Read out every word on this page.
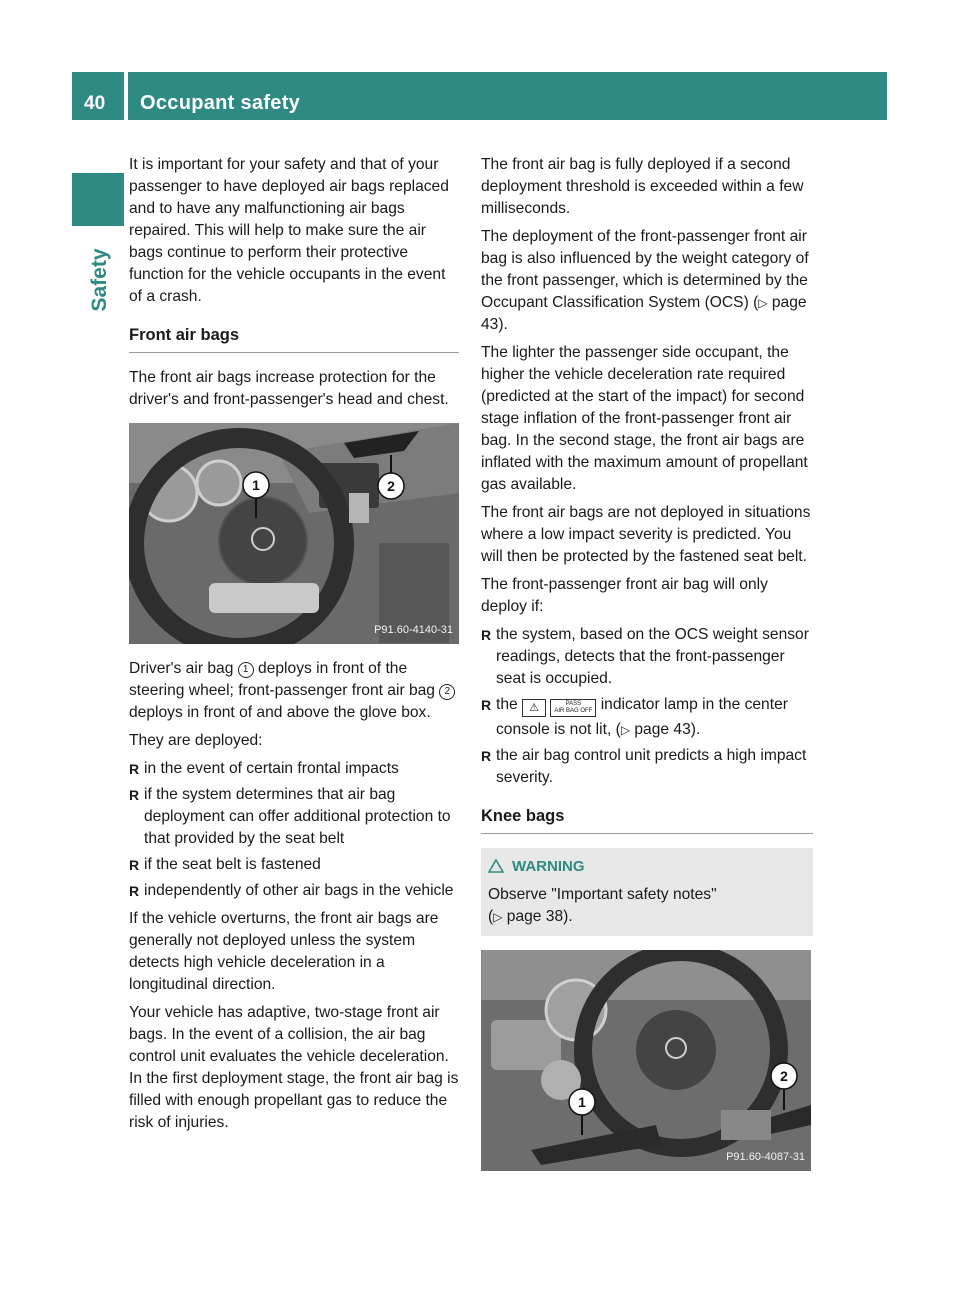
40 Occupant safety
Safety

It is important for your safety and that of your passenger to have deployed air bags replaced and to have any malfunctioning air bags repaired. This will help to make sure the air bags continue to perform their protective function for the vehicle occupants in the event of a crash.

Front air bags

The front air bags increase protection for the driver's and front-passenger's head and chest.

1	2
P91.60-4140-31

Driver's air bag 1 deploys in front of the steering wheel; front-passenger front air bag 2 deploys in front of and above the glove box.

They are deployed:

R in the event of certain frontal impacts
R if the system determines that air bag deployment can offer additional protection to that provided by the seat belt
R if the seat belt is fastened
R independently of other air bags in the vehicle

If the vehicle overturns, the front air bags are generally not deployed unless the system detects high vehicle deceleration in a longitudinal direction.

Your vehicle has adaptive, two-stage front air bags. In the event of a collision, the air bag control unit evaluates the vehicle deceleration. In the first deployment stage, the front air bag is filled with enough propellant gas to reduce the risk of injuries.

The front air bag is fully deployed if a second deployment threshold is exceeded within a few milliseconds.

The deployment of the front-passenger front air bag is also influenced by the weight category of the front passenger, which is determined by the Occupant Classification System (OCS) (▷ page 43).

The lighter the passenger side occupant, the higher the vehicle deceleration rate required (predicted at the start of the impact) for second stage inflation of the front-passenger front air bag. In the second stage, the front air bags are inflated with the maximum amount of propellant gas available.

The front air bags are not deployed in situations where a low impact severity is predicted. You will then be protected by the fastened seat belt.

The front-passenger front air bag will only deploy if:

R the system, based on the OCS weight sensor readings, detects that the front-passenger seat is occupied.
R the ⚠	PASS
AIR BAG OFF indicator lamp in the center console is not lit, (▷ page 43).
R the air bag control unit predicts a high impact severity.
Knee bags
WARNING
Observe "Important safety notes"
(▷ page 38).
1
2
P91.60-4087-31
